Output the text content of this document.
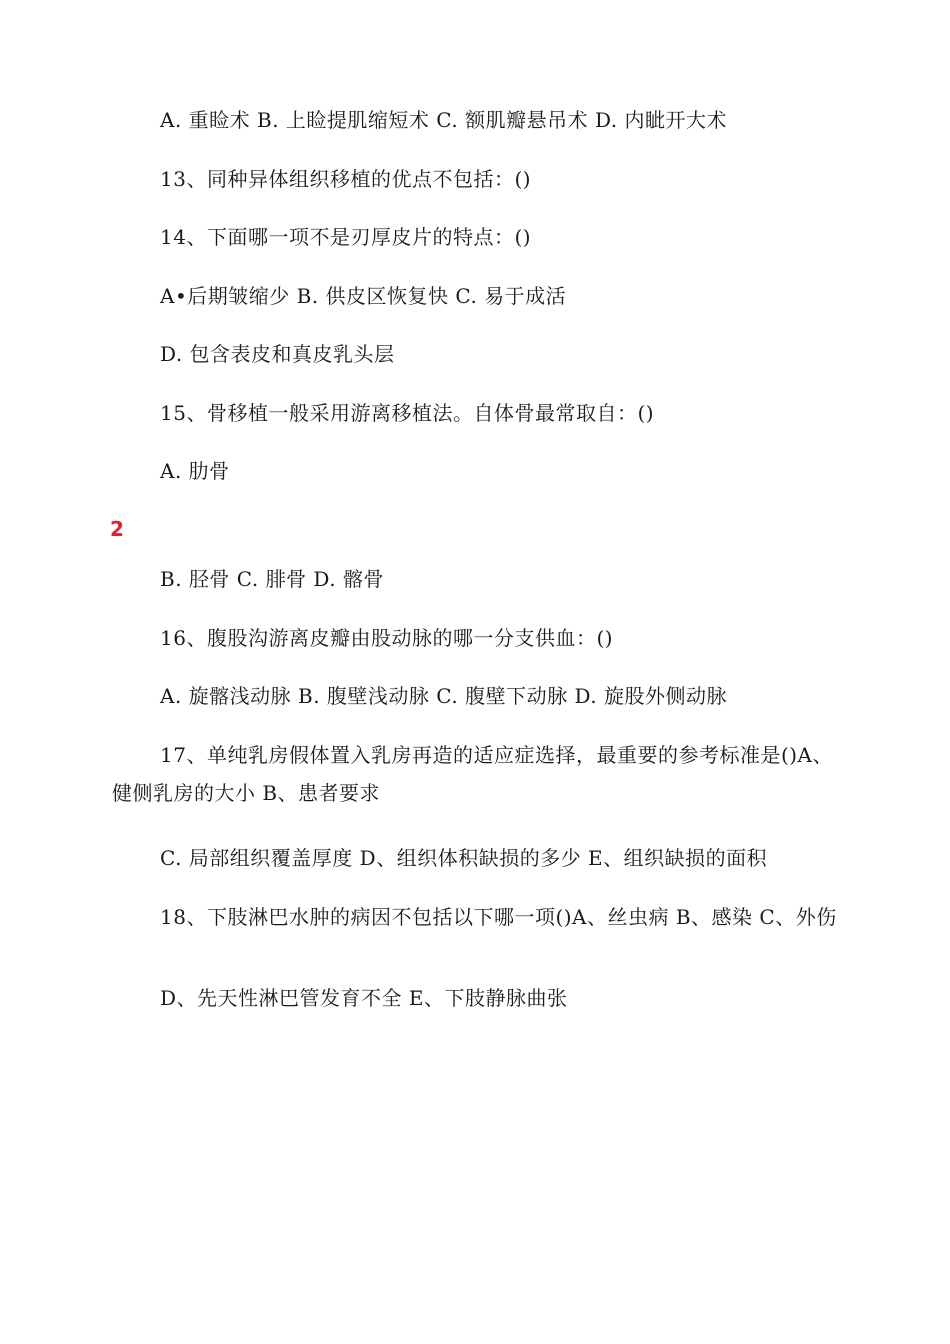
A. 重睑术 B. 上睑提肌缩短术 C. 额肌瓣悬吊术 D. 内眦开大术
13、同种异体组织移植的优点不包括：()
14、下面哪一项不是刃厚皮片的特点：()
A•后期皱缩少 B. 供皮区恢复快 C. 易于成活
D. 包含表皮和真皮乳头层
15、骨移植一般采用游离移植法。自体骨最常取自：()
A. 肋骨
2
B. 胫骨 C. 腓骨 D. 髂骨
16、腹股沟游离皮瓣由股动脉的哪一分支供血：()
A. 旋髂浅动脉 B. 腹壁浅动脉 C. 腹壁下动脉 D. 旋股外侧动脉
17、单纯乳房假体置入乳房再造的适应症选择，最重要的参考标准是()A、健侧乳房的大小 B、患者要求
C. 局部组织覆盖厚度 D、组织体积缺损的多少 E、组织缺损的面积
18、下肢淋巴水肿的病因不包括以下哪一项()A、丝虫病 B、感染 C、外伤
D、先天性淋巴管发育不全 E、下肢静脉曲张
